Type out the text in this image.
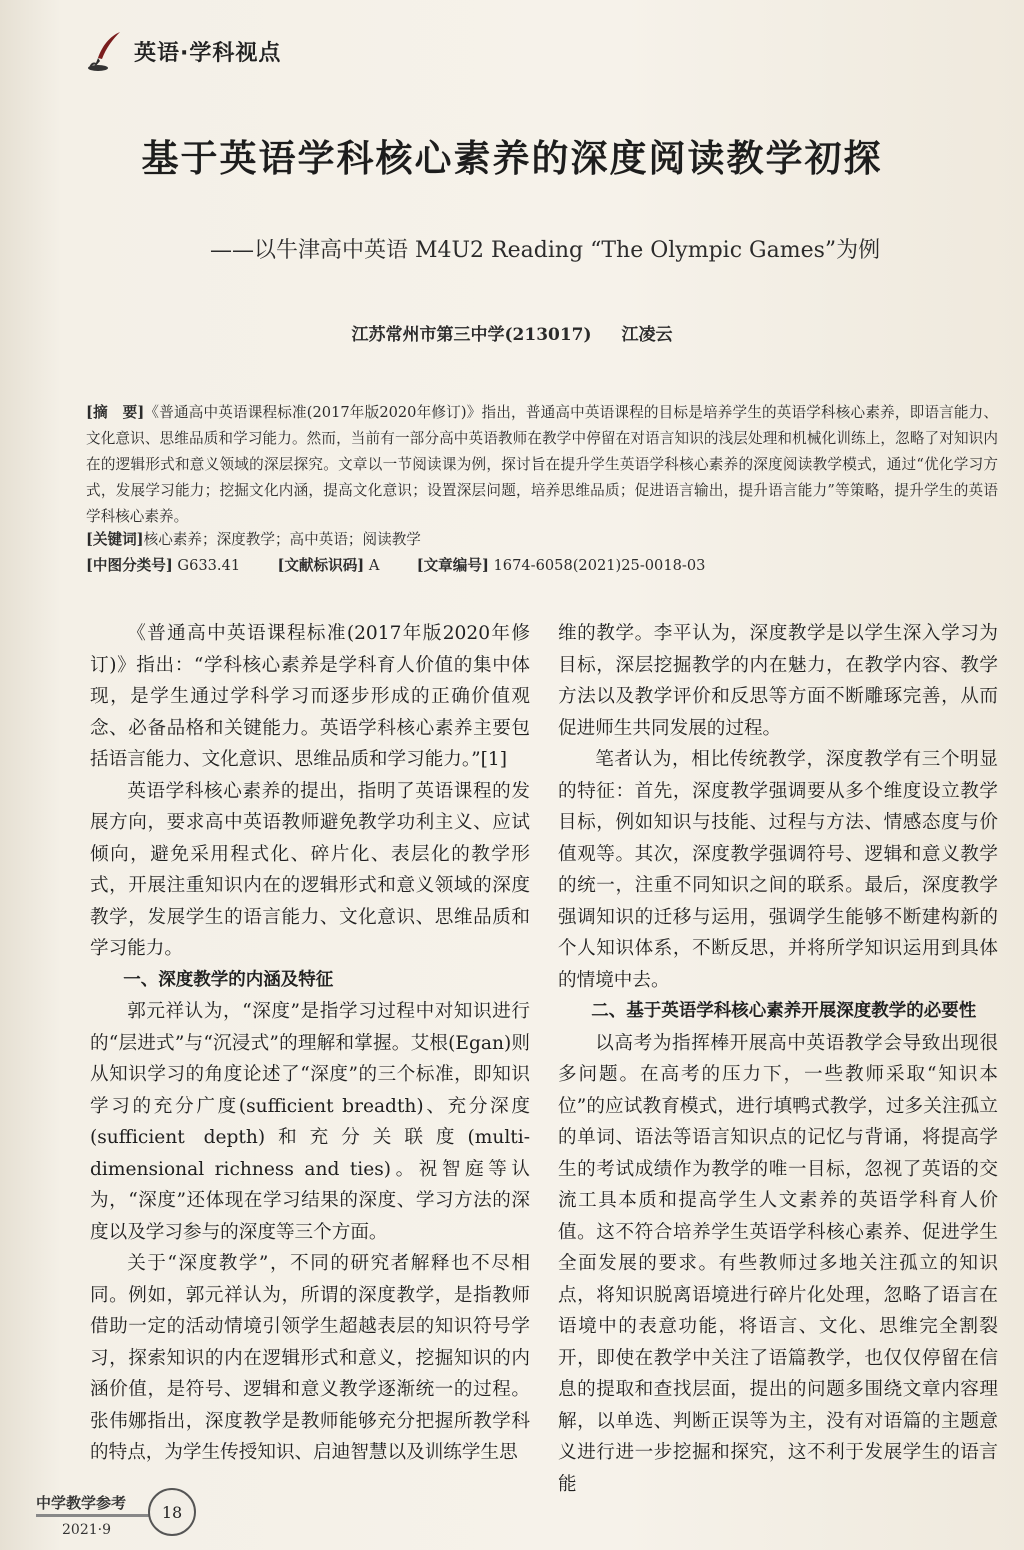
英语·学科视点
基于英语学科核心素养的深度阅读教学初探
——以牛津高中英语 M4U2 Reading “The Olympic Games”为例
江苏常州市第三中学(213017) 江凌云
[摘　要]《普通高中英语课程标准(2017年版2020年修订)》指出，普通高中英语课程的目标是培养学生的英语学科核心素养，即语言能力、文化意识、思维品质和学习能力。然而，当前有一部分高中英语教师在教学中停留在对语言知识的浅层处理和机械化训练上，忽略了对知识内在的逻辑形式和意义领域的深层探究。文章以一节阅读课为例，探讨旨在提升学生英语学科核心素养的深度阅读教学模式，通过“优化学习方式，发展学习能力；挖掘文化内涵，提高文化意识；设置深层问题，培养思维品质；促进语言输出，提升语言能力”等策略，提升学生的英语学科核心素养。
[关键词]核心素养；深度教学；高中英语；阅读教学
[中图分类号] G633.41	[文献标识码] A	[文章编号] 1674-6058(2021)25-0018-03

《普通高中英语课程标准(2017年版2020年修订)》指出：“学科核心素养是学科育人价值的集中体现，是学生通过学科学习而逐步形成的正确价值观念、必备品格和关键能力。英语学科核心素养主要包括语言能力、文化意识、思维品质和学习能力。”[1]

英语学科核心素养的提出，指明了英语课程的发展方向，要求高中英语教师避免教学功利主义、应试倾向，避免采用程式化、碎片化、表层化的教学形式，开展注重知识内在的逻辑形式和意义领域的深度教学，发展学生的语言能力、文化意识、思维品质和学习能力。

一、深度教学的内涵及特征

郭元祥认为，“深度”是指学习过程中对知识进行的“层进式”与“沉浸式”的理解和掌握。艾根(Egan)则从知识学习的角度论述了“深度”的三个标准，即知识学习的充分广度(sufficient breadth)、充分深度(sufficient depth)和充分关联度(multi-dimensional richness and ties)。祝智庭等认为，“深度”还体现在学习结果的深度、学习方法的深度以及学习参与的深度等三个方面。

关于“深度教学”，不同的研究者解释也不尽相同。例如，郭元祥认为，所谓的深度教学，是指教师借助一定的活动情境引领学生超越表层的知识符号学习，探索知识的内在逻辑形式和意义，挖掘知识的内涵价值，是符号、逻辑和意义教学逐渐统一的过程。张伟娜指出，深度教学是教师能够充分把握所教学科的特点，为学生传授知识、启迪智慧以及训练学生思

维的教学。李平认为，深度教学是以学生深入学习为目标，深层挖掘教学的内在魅力，在教学内容、教学方法以及教学评价和反思等方面不断雕琢完善，从而促进师生共同发展的过程。

笔者认为，相比传统教学，深度教学有三个明显的特征：首先，深度教学强调要从多个维度设立教学目标，例如知识与技能、过程与方法、情感态度与价值观等。其次，深度教学强调符号、逻辑和意义教学的统一，注重不同知识之间的联系。最后，深度教学强调知识的迁移与运用，强调学生能够不断建构新的个人知识体系，不断反思，并将所学知识运用到具体的情境中去。

二、基于英语学科核心素养开展深度教学的必要性

以高考为指挥棒开展高中英语教学会导致出现很多问题。在高考的压力下，一些教师采取“知识本位”的应试教育模式，进行填鸭式教学，过多关注孤立的单词、语法等语言知识点的记忆与背诵，将提高学生的考试成绩作为教学的唯一目标，忽视了英语的交流工具本质和提高学生人文素养的英语学科育人价值。这不符合培养学生英语学科核心素养、促进学生全面发展的要求。有些教师过多地关注孤立的知识点，将知识脱离语境进行碎片化处理，忽略了语言在语境中的表意功能，将语言、文化、思维完全割裂开，即使在教学中关注了语篇教学，也仅仅停留在信息的提取和查找层面，提出的问题多围绕文章内容理解，以单选、判断正误等为主，没有对语篇的主题意义进行进一步挖掘和探究，这不利于发展学生的语言能

中学教学参考
2021·9
18
